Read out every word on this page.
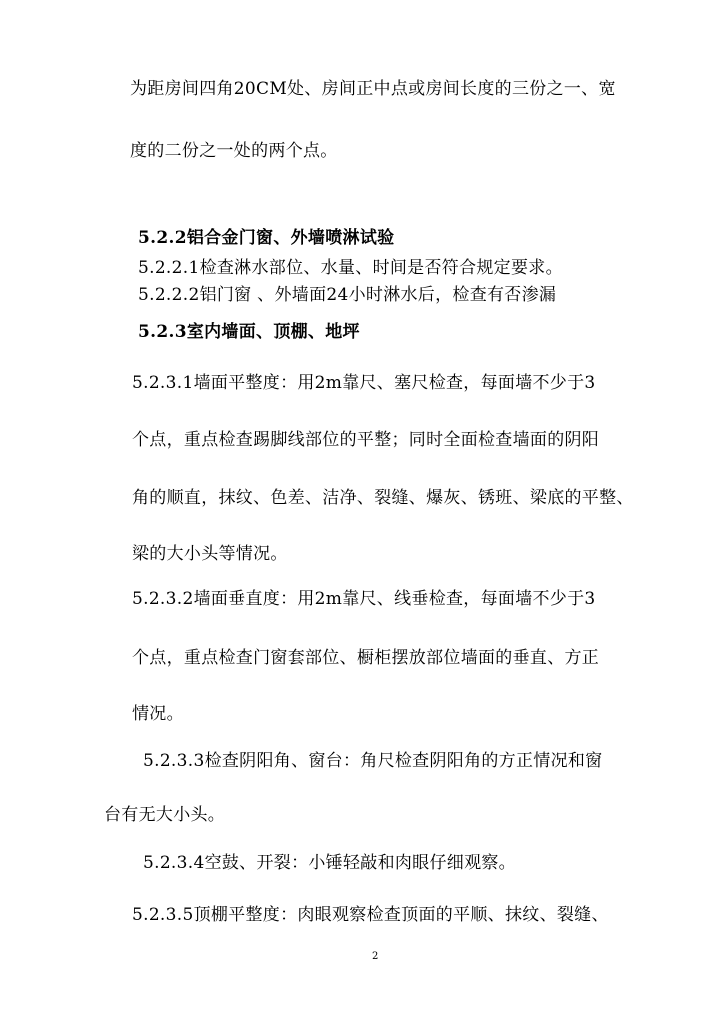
为距房间四角20CM处、房间正中点或房间长度的三份之一、宽
度的二份之一处的两个点。
5.2.2铝合金门窗、外墙喷淋试验
5.2.2.1检查淋水部位、水量、时间是否符合规定要求。
5.2.2.2铝门窗 、外墙面24小时淋水后，检查有否渗漏
5.2.3室内墙面、顶棚、地坪
5.2.3.1墙面平整度：用2m靠尺、塞尺检查，每面墙不少于3
个点，重点检查踢脚线部位的平整；同时全面检查墙面的阴阳
角的顺直，抹纹、色差、洁净、裂缝、爆灰、锈班、梁底的平整、
梁的大小头等情况。
5.2.3.2墙面垂直度：用2m靠尺、线垂检查，每面墙不少于3
个点，重点检查门窗套部位、橱柜摆放部位墙面的垂直、方正
情况。
5.2.3.3检查阴阳角、窗台：角尺检查阴阳角的方正情况和窗
台有无大小头。
5.2.3.4空鼓、开裂：小锤轻敲和肉眼仔细观察。
5.2.3.5顶棚平整度：肉眼观察检查顶面的平顺、抹纹、裂缝、
2
